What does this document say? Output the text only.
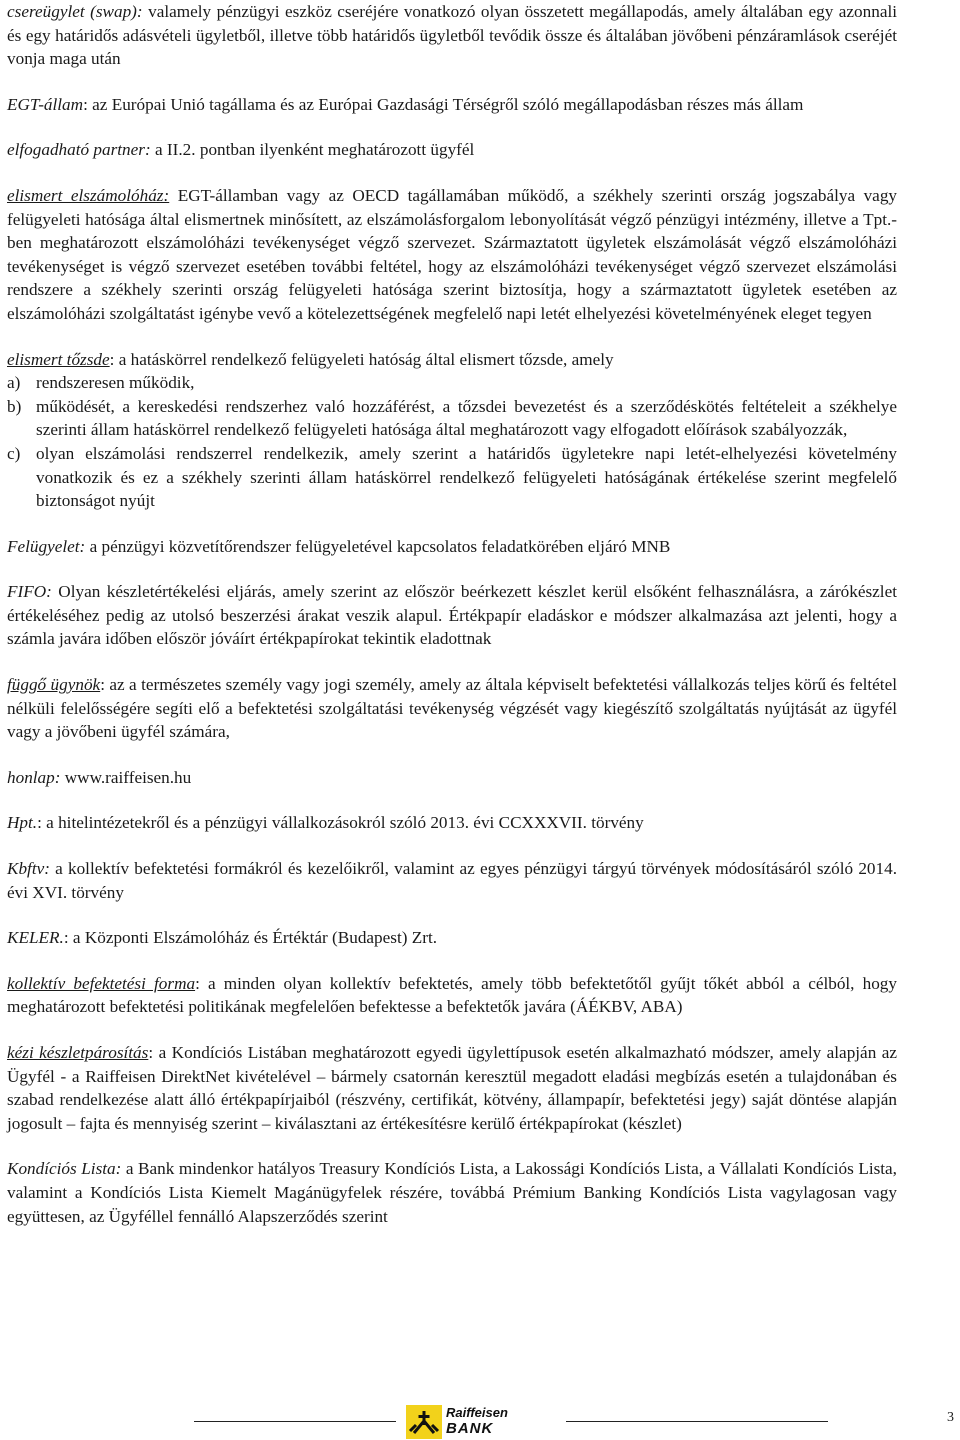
csereügylet (swap): valamely pénzügyi eszköz cseréjére vonatkozó olyan összetett megállapodás, amely általában egy azonnali és egy határidős adásvételi ügyletből, illetve több határidős ügyletből tevődik össze és általában jövőbeni pénzáramlások cseréjét vonja maga után

EGT-állam: az Európai Unió tagállama és az Európai Gazdasági Térségről szóló megállapodásban részes más állam

elfogadható partner: a II.2. pontban ilyenként meghatározott ügyfél

elismert elszámolóház: EGT-államban vagy az OECD tagállamában működő, a székhely szerinti ország jogszabálya vagy felügyeleti hatósága által elismertnek minősített, az elszámolásforgalom lebonyolítását végző pénzügyi intézmény, illetve a Tpt.-ben meghatározott elszámolóházi tevékenységet végző szervezet. Származtatott ügyletek elszámolását végző elszámolóházi tevékenységet is végző szervezet esetében további feltétel, hogy az elszámolóházi tevékenységet végző szervezet elszámolási rendszere a székhely szerinti ország felügyeleti hatósága szerint biztosítja, hogy a származtatott ügyletek esetében az elszámolóházi szolgáltatást igénybe vevő a kötelezettségének megfelelő napi letét elhelyezési követelményének eleget tegyen

elismert tőzsde: a hatáskörrel rendelkező felügyeleti hatóság által elismert tőzsde, amely

a) rendszeresen működik,

b) működését, a kereskedési rendszerhez való hozzáférést, a tőzsdei bevezetést és a szerződéskötés feltételeit a székhelye szerinti állam hatáskörrel rendelkező felügyeleti hatósága által meghatározott vagy elfogadott előírások szabályozzák,

c) olyan elszámolási rendszerrel rendelkezik, amely szerint a határidős ügyletekre napi letét-elhelyezési követelmény vonatkozik és ez a székhely szerinti állam hatáskörrel rendelkező felügyeleti hatóságának értékelése szerint megfelelő biztonságot nyújt

Felügyelet: a pénzügyi közvetítőrendszer felügyeletével kapcsolatos feladatkörében eljáró MNB

FIFO: Olyan készletértékelési eljárás, amely szerint az először beérkezett készlet kerül elsőként felhasználásra, a zárókészlet értékeléséhez pedig az utolsó beszerzési árakat veszik alapul. Értékpapír eladáskor e módszer alkalmazása azt jelenti, hogy a számla javára időben először jóváírt értékpapírokat tekintik eladottnak

függő ügynök: az a természetes személy vagy jogi személy, amely az általa képviselt befektetési vállalkozás teljes körű és feltétel nélküli felelősségére segíti elő a befektetési szolgáltatási tevékenység végzését vagy kiegészítő szolgáltatás nyújtását az ügyfél vagy a jövőbeni ügyfél számára,

honlap: www.raiffeisen.hu

Hpt.: a hitelintézetekről és a pénzügyi vállalkozásokról szóló 2013. évi CCXXXVII. törvény

Kbftv: a kollektív befektetési formákról és kezelőikről, valamint az egyes pénzügyi tárgyú törvények módosításáról szóló 2014. évi XVI. törvény

KELER.: a Központi Elszámolóház és Értéktár (Budapest) Zrt.

kollektív befektetési forma: a minden olyan kollektív befektetés, amely több befektetőtől gyűjt tőkét abból a célból, hogy meghatározott befektetési politikának megfelelően befektesse a befektetők javára (ÁÉKBV, ABA)

kézi készletpárosítás: a Kondíciós Listában meghatározott egyedi ügylettípusok esetén alkalmazható módszer, amely alapján az Ügyfél - a Raiffeisen DirektNet kivételével – bármely csatornán keresztül megadott eladási megbízás esetén a tulajdonában és szabad rendelkezése alatt álló értékpapírjaiból (részvény, certifikát, kötvény, állampapír, befektetési jegy) saját döntése alapján jogosult – fajta és mennyiség szerint – kiválasztani az értékesítésre kerülő értékpapírokat (készlet)

Kondíciós Lista: a Bank mindenkor hatályos Treasury Kondíciós Lista, a Lakossági Kondíciós Lista, a Vállalati Kondíciós Lista, valamint a Kondíciós Lista Kiemelt Magánügyfelek részére, továbbá Prémium Banking Kondíciós Lista vagylagosan vagy együttesen, az Ügyféllel fennálló Alapszerződés szerint

Raiffeisen
BANK
3
